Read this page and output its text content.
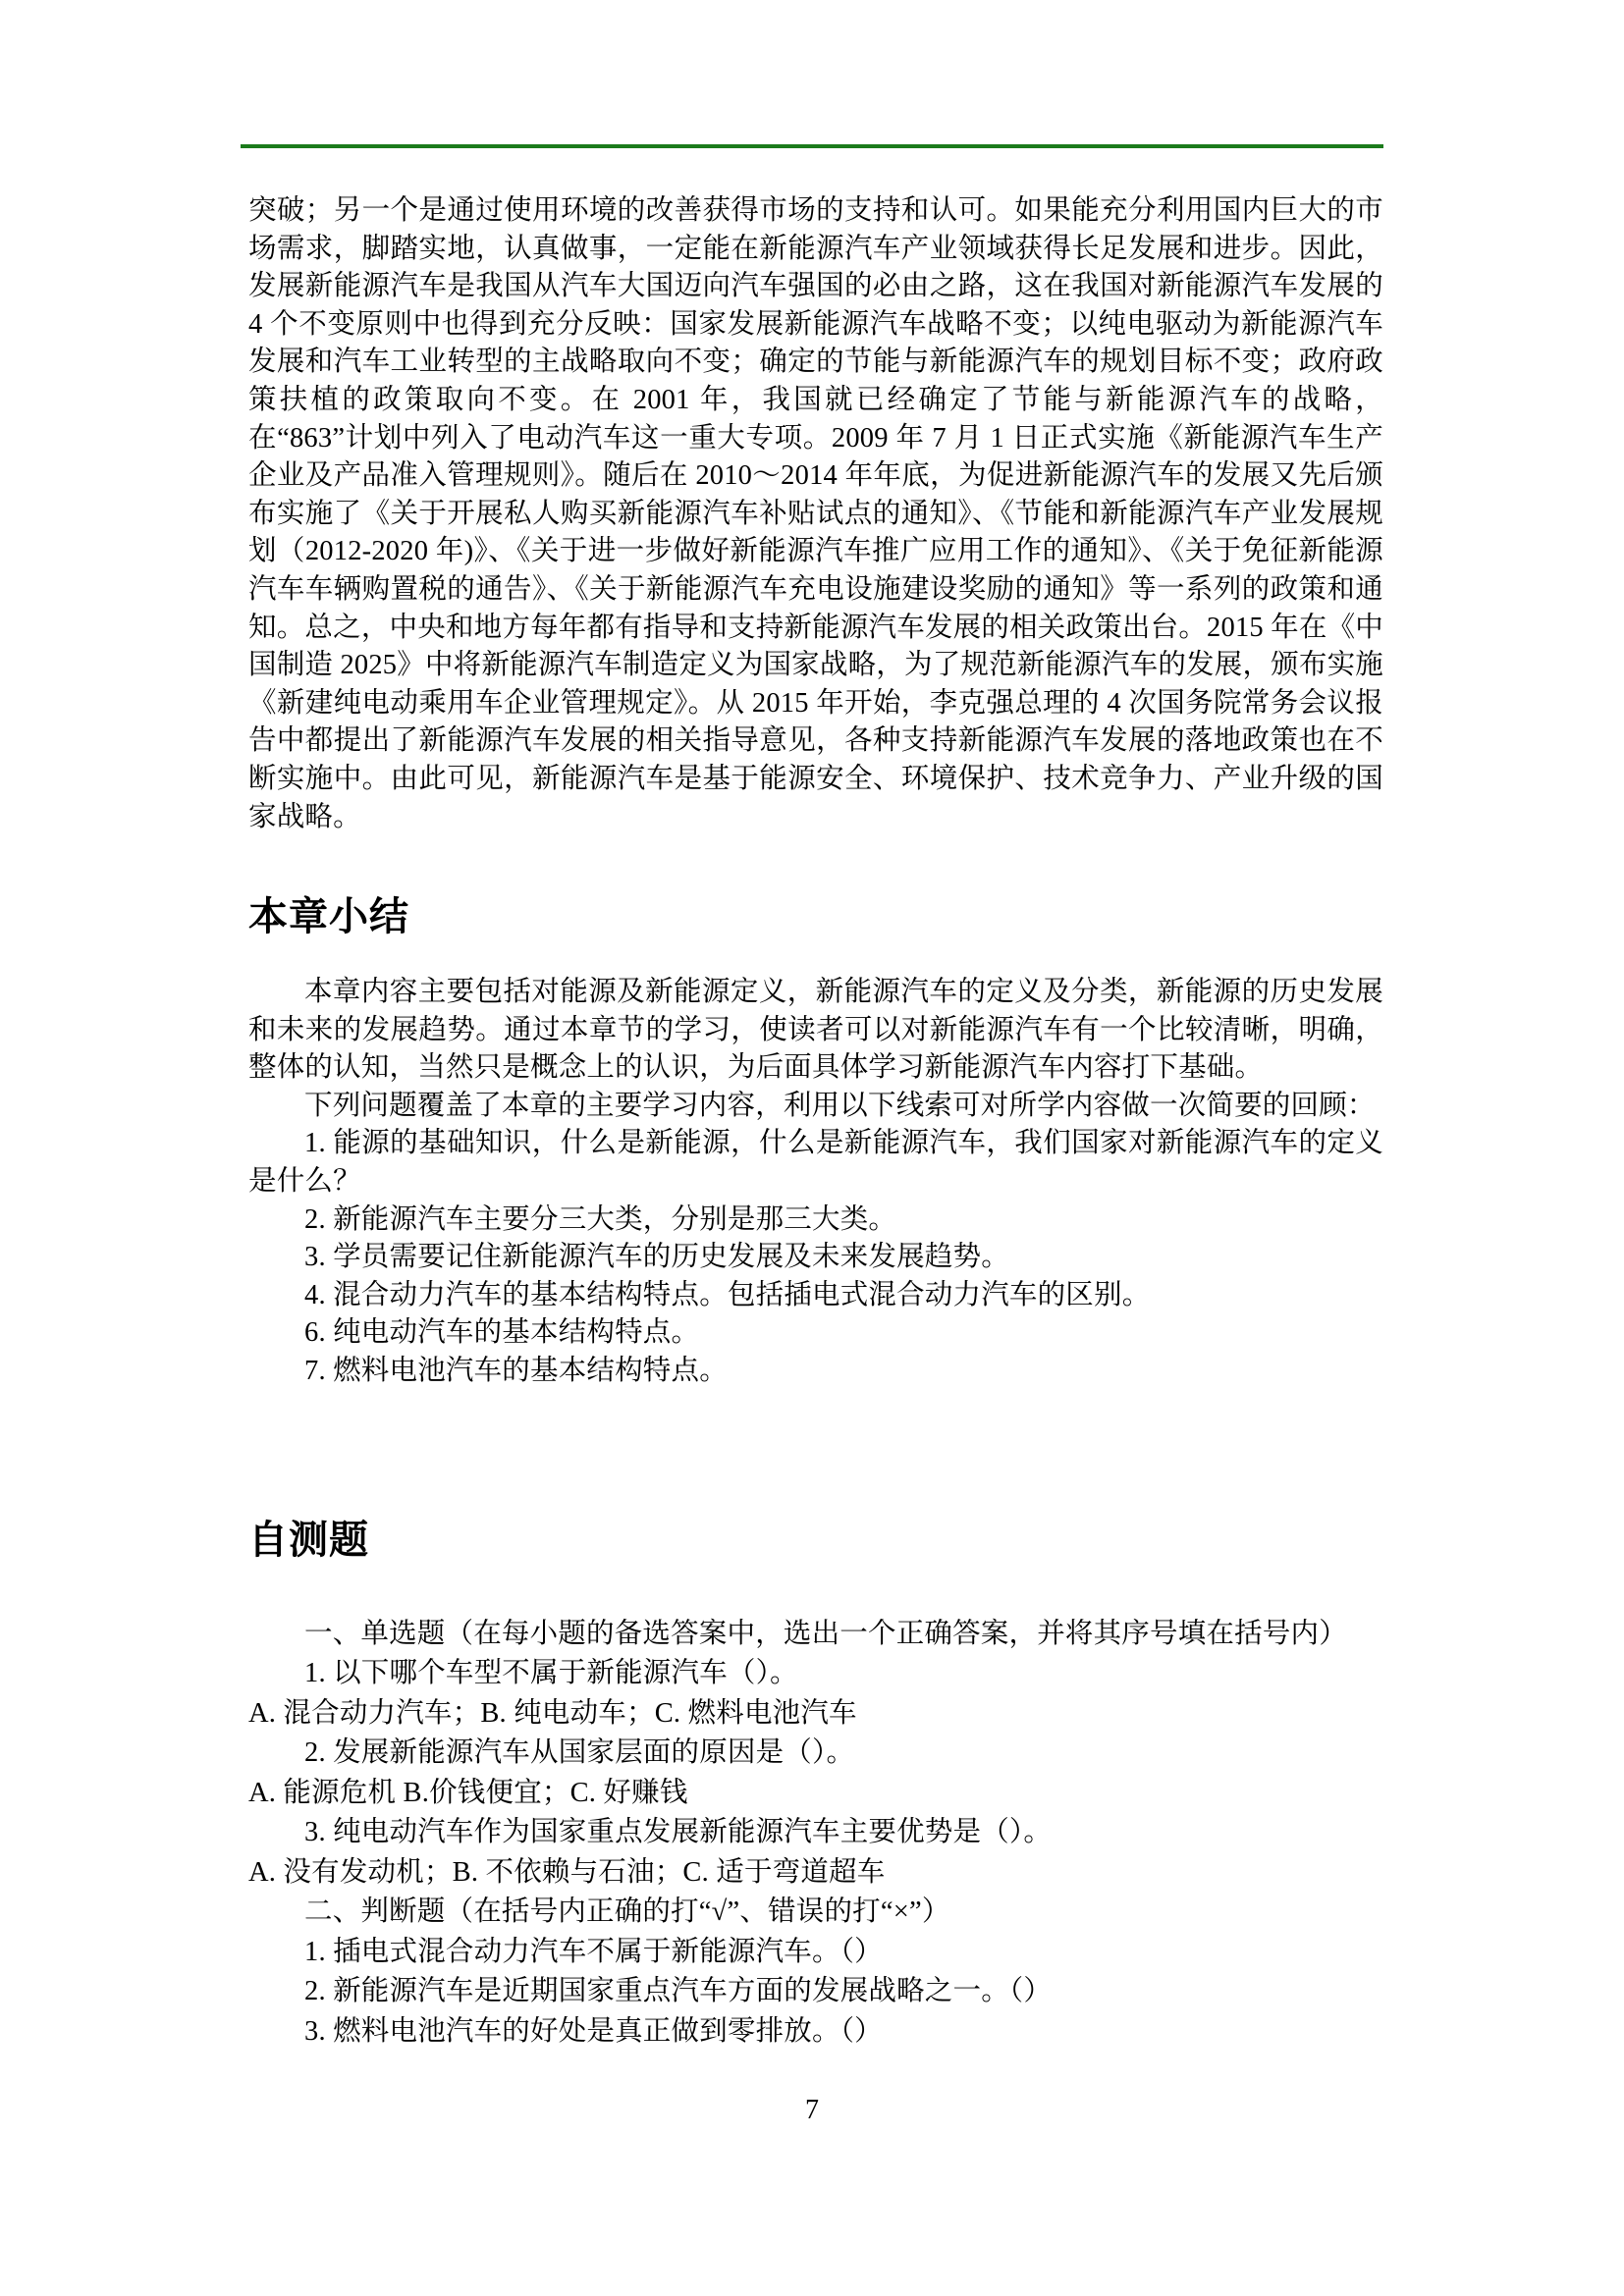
突破；另一个是通过使用环境的改善获得市场的支持和认可。如果能充分利用国内巨大的市场需求，脚踏实地，认真做事，一定能在新能源汽车产业领域获得长足发展和进步。因此，发展新能源汽车是我国从汽车大国迈向汽车强国的必由之路，这在我国对新能源汽车发展的 4 个不变原则中也得到充分反映：国家发展新能源汽车战略不变；以纯电驱动为新能源汽车发展和汽车工业转型的主战略取向不变；确定的节能与新能源汽车的规划目标不变；政府政策扶植的政策取向不变。在 2001 年，我国就已经确定了节能与新能源汽车的战略，在“863”计划中列入了电动汽车这一重大专项。2009 年 7 月 1 日正式实施《新能源汽车生产企业及产品准入管理规则》。随后在 2010～2014 年年底，为促进新能源汽车的发展又先后颁布实施了《关于开展私人购买新能源汽车补贴试点的通知》、《节能和新能源汽车产业发展规划（2012-2020 年)》、《关于进一步做好新能源汽车推广应用工作的通知》、《关于免征新能源汽车车辆购置税的通告》、《关于新能源汽车充电设施建设奖励的通知》等一系列的政策和通知。总之，中央和地方每年都有指导和支持新能源汽车发展的相关政策出台。2015 年在《中国制造 2025》中将新能源汽车制造定义为国家战略，为了规范新能源汽车的发展，颁布实施《新建纯电动乘用车企业管理规定》。从 2015 年开始，李克强总理的 4 次国务院常务会议报告中都提出了新能源汽车发展的相关指导意见，各种支持新能源汽车发展的落地政策也在不断实施中。由此可见，新能源汽车是基于能源安全、环境保护、技术竞争力、产业升级的国家战略。

本章小结

本章内容主要包括对能源及新能源定义，新能源汽车的定义及分类，新能源的历史发展和未来的发展趋势。通过本章节的学习，使读者可以对新能源汽车有一个比较清晰，明确，整体的认知，当然只是概念上的认识，为后面具体学习新能源汽车内容打下基础。

下列问题覆盖了本章的主要学习内容，利用以下线索可对所学内容做一次简要的回顾：

1. 能源的基础知识，什么是新能源，什么是新能源汽车，我们国家对新能源汽车的定义是什么？

2. 新能源汽车主要分三大类，分别是那三大类。

3. 学员需要记住新能源汽车的历史发展及未来发展趋势。

4. 混合动力汽车的基本结构特点。包括插电式混合动力汽车的区别。

6. 纯电动汽车的基本结构特点。

7. 燃料电池汽车的基本结构特点。

自测题

一、单选题（在每小题的备选答案中，选出一个正确答案，并将其序号填在括号内）

1. 以下哪个车型不属于新能源汽车（）。

A. 混合动力汽车；B. 纯电动车；C. 燃料电池汽车

2. 发展新能源汽车从国家层面的原因是（）。

A. 能源危机 B.价钱便宜；C. 好赚钱

3. 纯电动汽车作为国家重点发展新能源汽车主要优势是（）。

A. 没有发动机；B. 不依赖与石油；C. 适于弯道超车

二、判断题（在括号内正确的打“√”、错误的打“×”）

1. 插电式混合动力汽车不属于新能源汽车。（）

2. 新能源汽车是近期国家重点汽车方面的发展战略之一。（）

3. 燃料电池汽车的好处是真正做到零排放。（）

7
